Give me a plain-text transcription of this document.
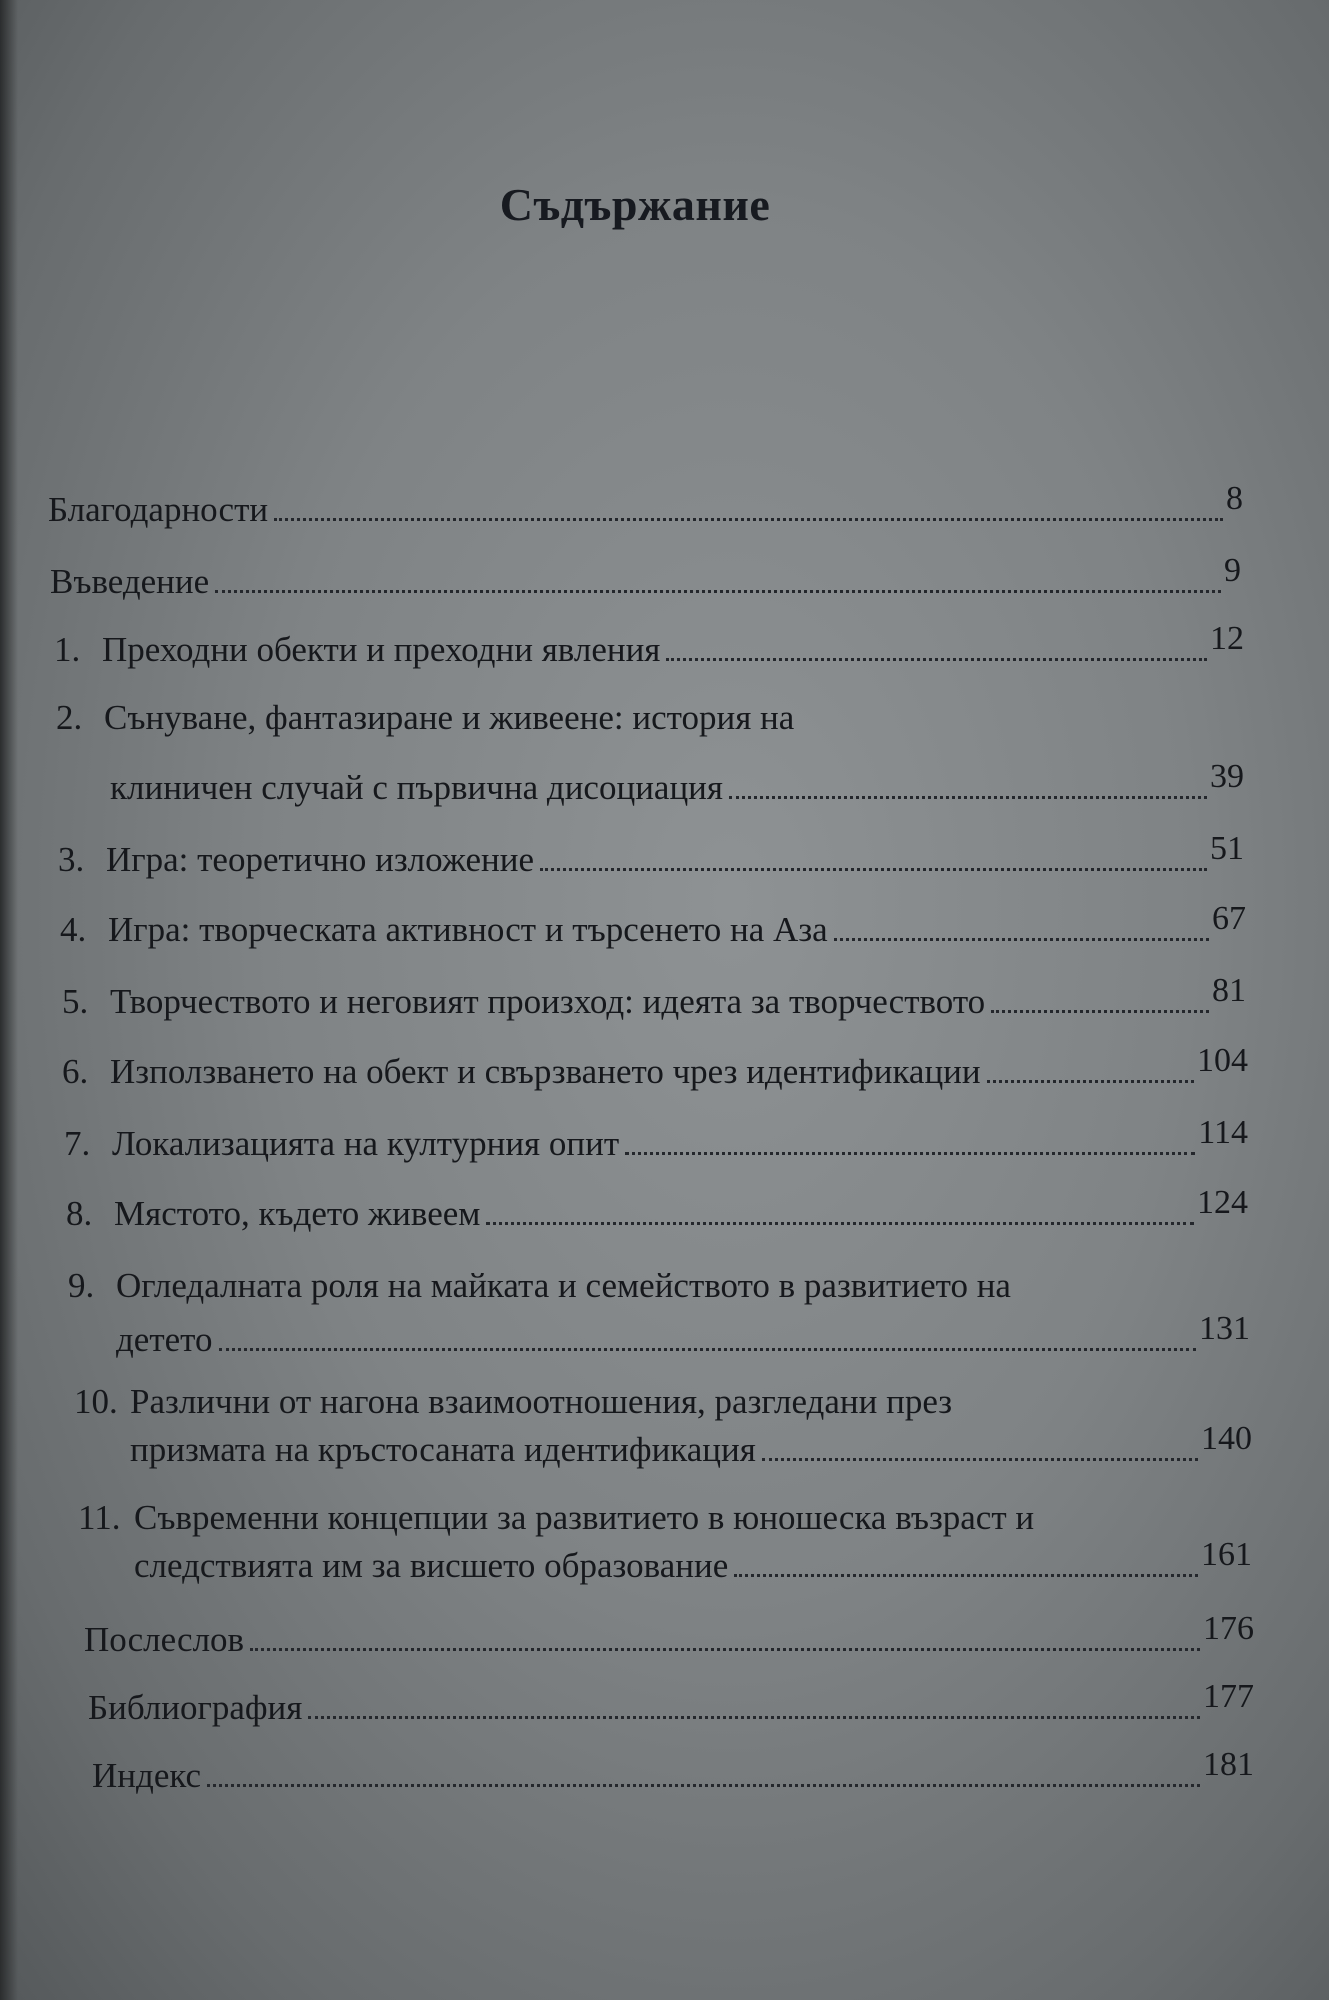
Съдържание
Благодарности	8
Въведение	9
1. Преходни обекти и преходни явления	12
2. Сънуване, фантазиране и живеене: история на
клиничен случай с първична дисоциация	39
3. Игра: теоретично изложение	51
4. Игра: творческата активност и търсенето на Аза	67
5. Творчеството и неговият произход: идеята за творчеството	81
6. Използването на обект и свързването чрез идентификации	104
7. Локализацията на културния опит	114
8. Мястото, където живеем	124
9. Огледалната роля на майката и семейството в развитието на
детето	131
10. Различни от нагона взаимоотношения, разгледани през
призмата на кръстосаната идентификация	140
11. Съвременни концепции за развитието в юношеска възраст и
следствията им за висшето образование	161
Послеслов	176
Библиография	177
Индекс	181
